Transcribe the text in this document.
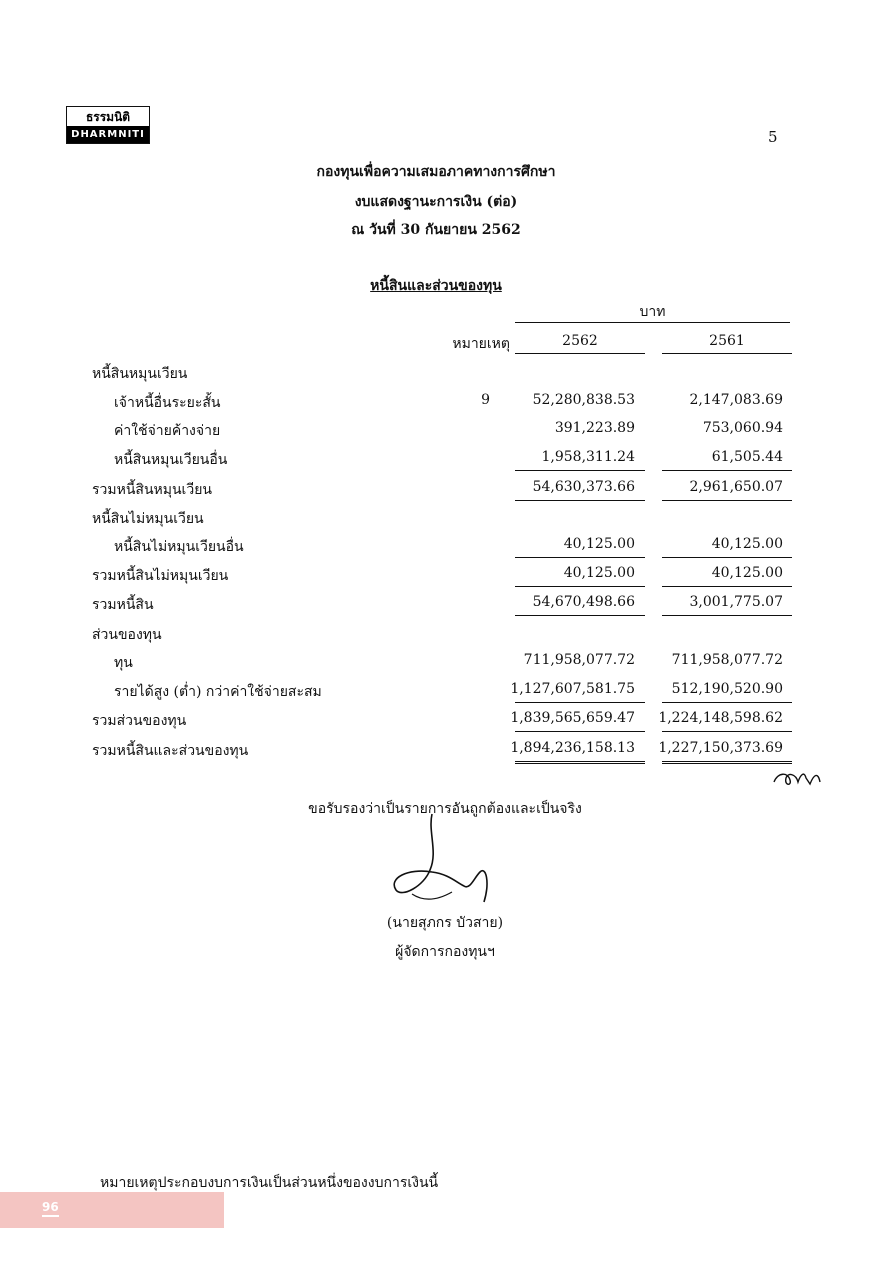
ธรรมนิติ
DHARMNITI	5
กองทุนเพื่อความเสมอภาคทางการศึกษา
งบแสดงฐานะการเงิน (ต่อ)
ณ วันที่ 30 กันยายน 2562
หนี้สินและส่วนของทุน
บาท
หมายเหตุ	2562	2561
หนี้สินหมุนเวียน
เจ้าหนี้อื่นระยะสั้น	9	52,280,838.53	2,147,083.69
ค่าใช้จ่ายค้างจ่าย	391,223.89	753,060.94
หนี้สินหมุนเวียนอื่น	1,958,311.24	61,505.44
รวมหนี้สินหมุนเวียน	54,630,373.66	2,961,650.07
หนี้สินไม่หมุนเวียน
หนี้สินไม่หมุนเวียนอื่น	40,125.00	40,125.00
รวมหนี้สินไม่หมุนเวียน	40,125.00	40,125.00
รวมหนี้สิน	54,670,498.66	3,001,775.07
ส่วนของทุน
ทุน	711,958,077.72	711,958,077.72
รายได้สูง (ต่ำ) กว่าค่าใช้จ่ายสะสม	1,127,607,581.75	512,190,520.90
รวมส่วนของทุน	1,839,565,659.47	1,224,148,598.62
รวมหนี้สินและส่วนของทุน	1,894,236,158.13	1,227,150,373.69
ขอรับรองว่าเป็นรายการอันถูกต้องและเป็นจริง
(นายสุภกร บัวสาย)
ผู้จัดการกองทุนฯ
หมายเหตุประกอบงบการเงินเป็นส่วนหนึ่งของงบการเงินนี้
96
